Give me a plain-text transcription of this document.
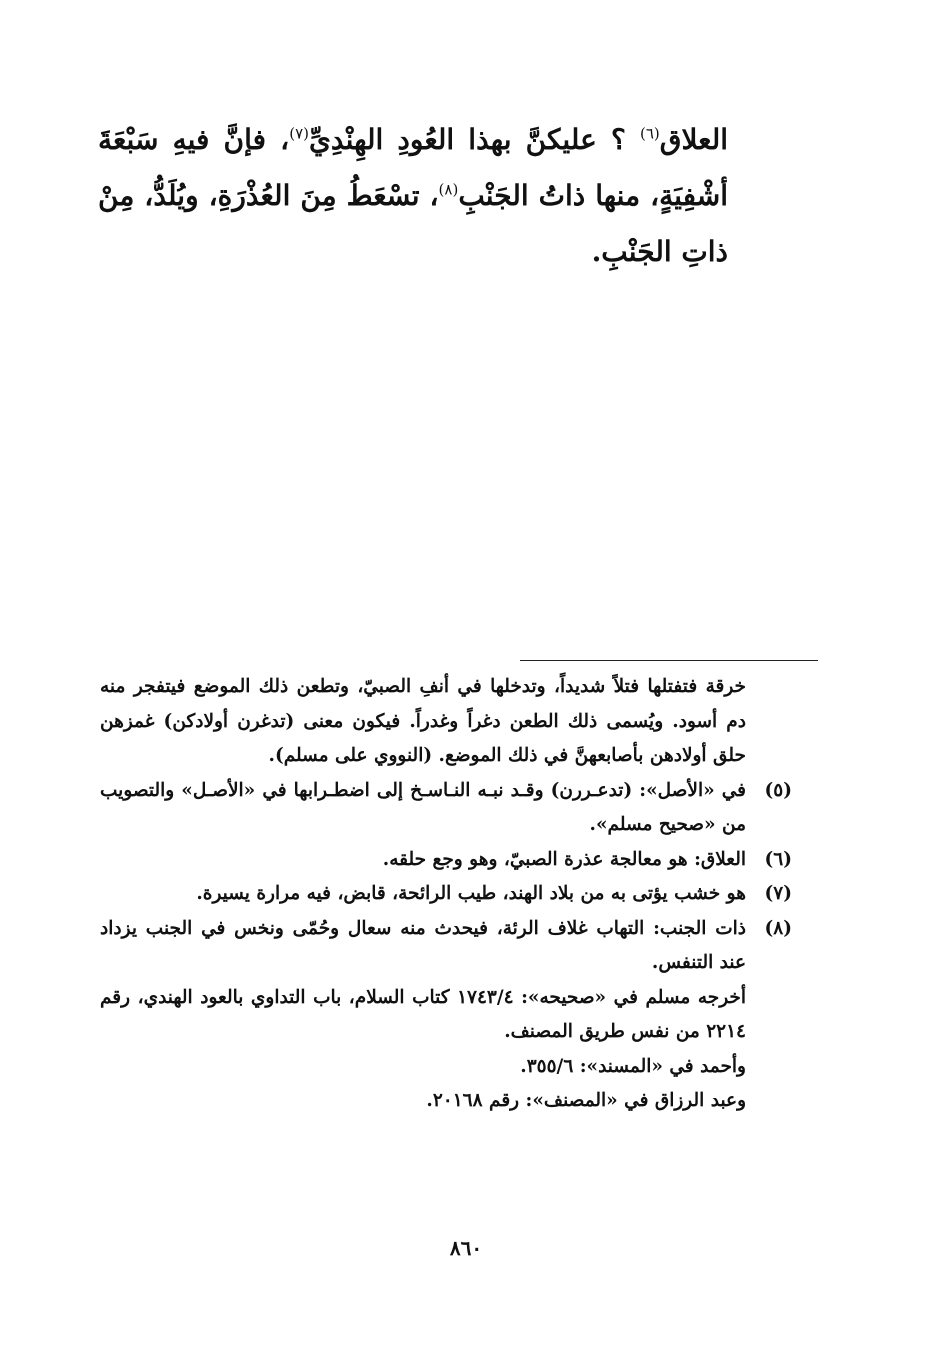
العلاق$^{(٦)}$ ؟ عليكنَّ بهذا العُودِ الهِنْدِيِّ$^{(٧)}$، فإنَّ فيهِ سَبْعَةَ أشْفِيَةٍ، منها ذاتُ الجَنْبِ$^{(٨)}$، تسْعَطُ مِنَ العُذْرَةِ، ويُلَدُّ، مِنْ ذاتِ الجَنْبِ.

خرقة فتفتلها فتلاً شديداً، وتدخلها في أنفِ الصبيّ، وتطعن ذلك الموضع فيتفجر منه دم أسود. ويُسمى ذلك الطعن دغراً وغدراً. فيكون معنى (تدغرن أولادكن) غمزهن حلق أولادهن بأصابعهنَّ في ذلك الموضع. (النووي على مسلم).

(٥)
في «الأصل»: (تدعـررن) وقـد نبـه النـاسـخ إلى اضطـرابها في «الأصـل» والتصويب من «صحيح مسلم».
(٦)
العلاق: هو معالجة عذرة الصبيّ، وهو وجع حلقه.
(٧)
هو خشب يؤتى به من بلاد الهند، طيب الرائحة، قابض، فيه مرارة يسيرة.
(٨)
ذات الجنب: التهاب غلاف الرئة، فيحدث منه سعال وحُمّى ونخس في الجنب يزداد عند التنفس.

أخرجه مسلم في «صحيحه»: ١٧٤٣/٤ كتاب السلام، باب التداوي بالعود الهندي، رقم ٢٢١٤ من نفس طريق المصنف.

وأحمد في «المسند»: ٣٥٥/٦.

وعبد الرزاق في «المصنف»: رقم ٢٠١٦٨.

٨٦٠
